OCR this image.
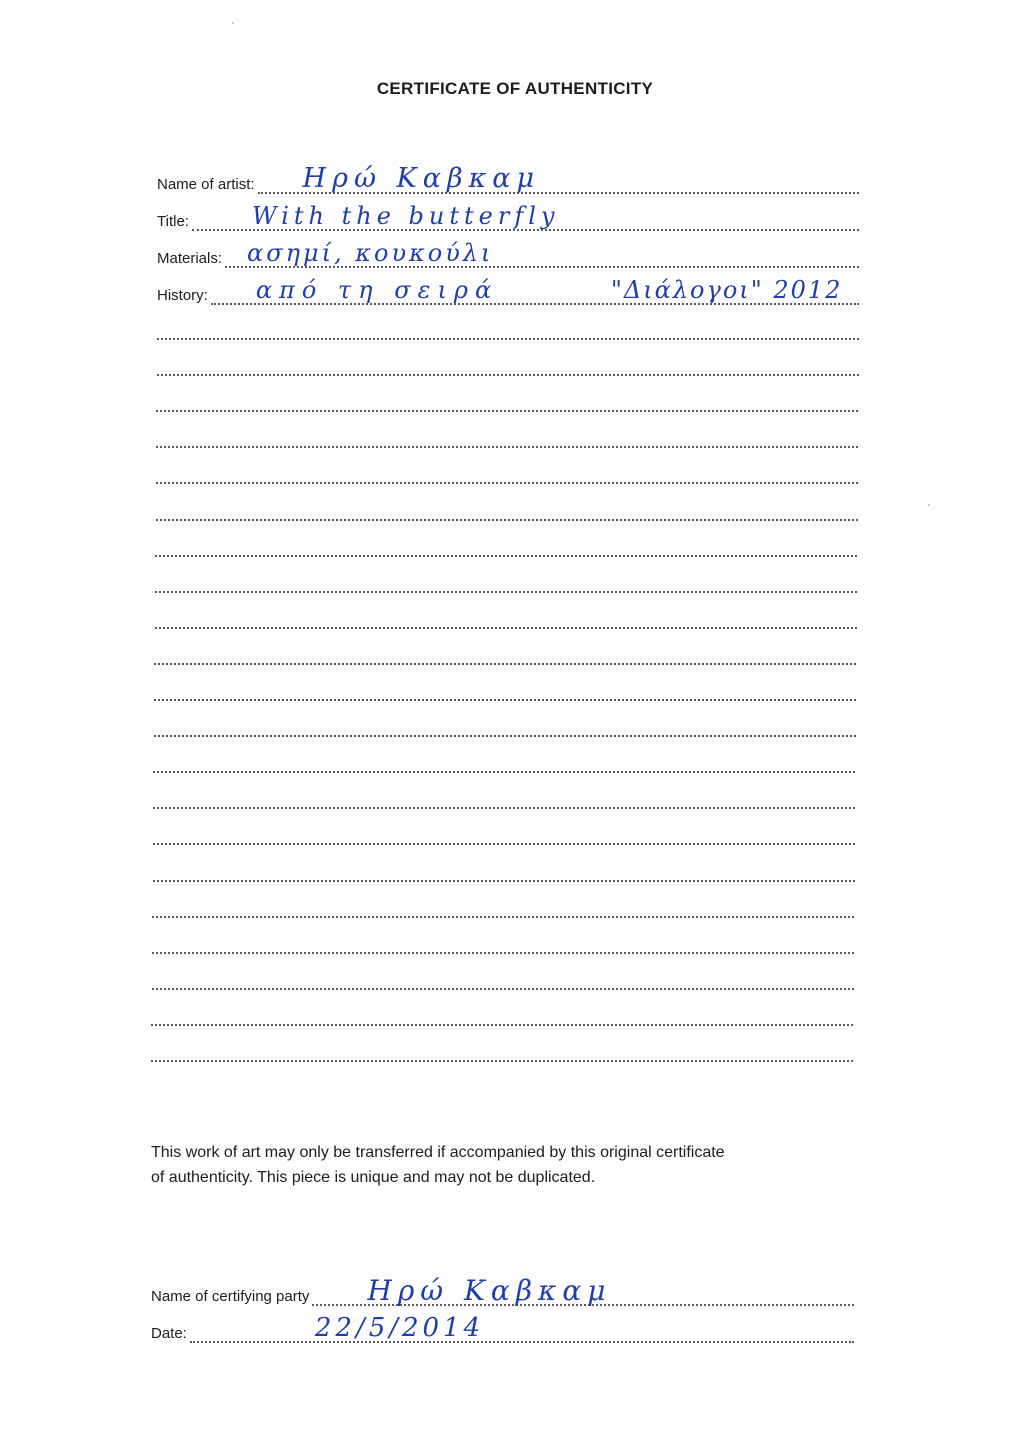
CERTIFICATE OF AUTHENTICITY
Name of artist: Ηρώ Καβκαμ
Title:	With the butterfly
Materials: ασημί, κουκούλι
History: από τη σειρά	"Διάλογοι" 2012
This work of art may only be transferred if accompanied by this original certificate
of authenticity. This piece is unique and may not be duplicated.
Name of certifying party Ηρώ Καβκαμ
Date:	22/5/2014
